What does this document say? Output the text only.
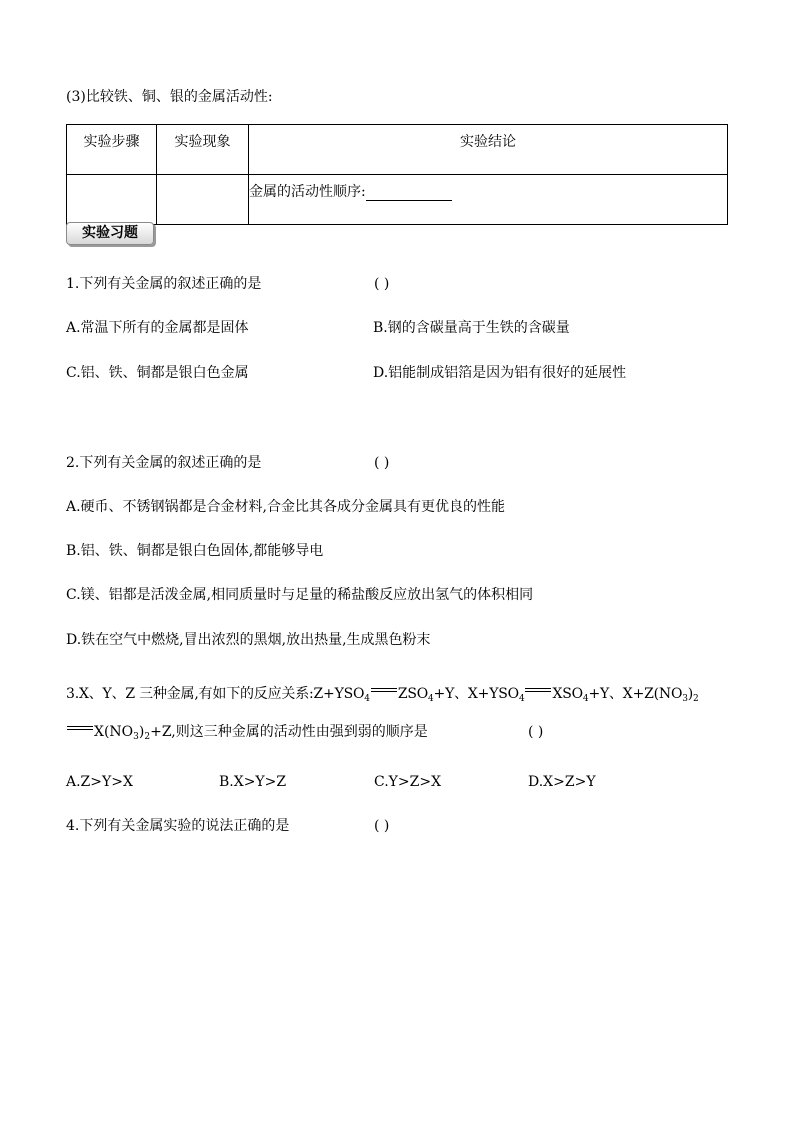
(3)比较铁、铜、银的金属活动性:
实验步骤	实验现象	实验结论
		金属的活动性顺序:
实验习题
1.下列有关金属的叙述正确的是	( )
A.常温下所有的金属都是固体	B.钢的含碳量高于生铁的含碳量
C.铝、铁、铜都是银白色金属	D.铝能制成铝箔是因为铝有很好的延展性
2.下列有关金属的叙述正确的是	( )
A.硬币、不锈钢锅都是合金材料,合金比其各成分金属具有更优良的性能
B.铝、铁、铜都是银白色固体,都能够导电
C.镁、铝都是活泼金属,相同质量时与足量的稀盐酸反应放出氢气的体积相同
D.铁在空气中燃烧,冒出浓烈的黑烟,放出热量,生成黑色粉末
3.X、Y、Z 三种金属,有如下的反应关系$:Z+YSO_4$ $ZSO_4+Y$、$X+YSO_4$ $XSO_4+Y$、$X+Z(NO_3)_2$
$X(NO_3)_2+Z$,则这三种金属的活动性由强到弱的顺序是	( )
A.Z>Y>X	B.X>Y>Z	C.Y>Z>X	D.X>Z>Y
4.下列有关金属实验的说法正确的是	( )
